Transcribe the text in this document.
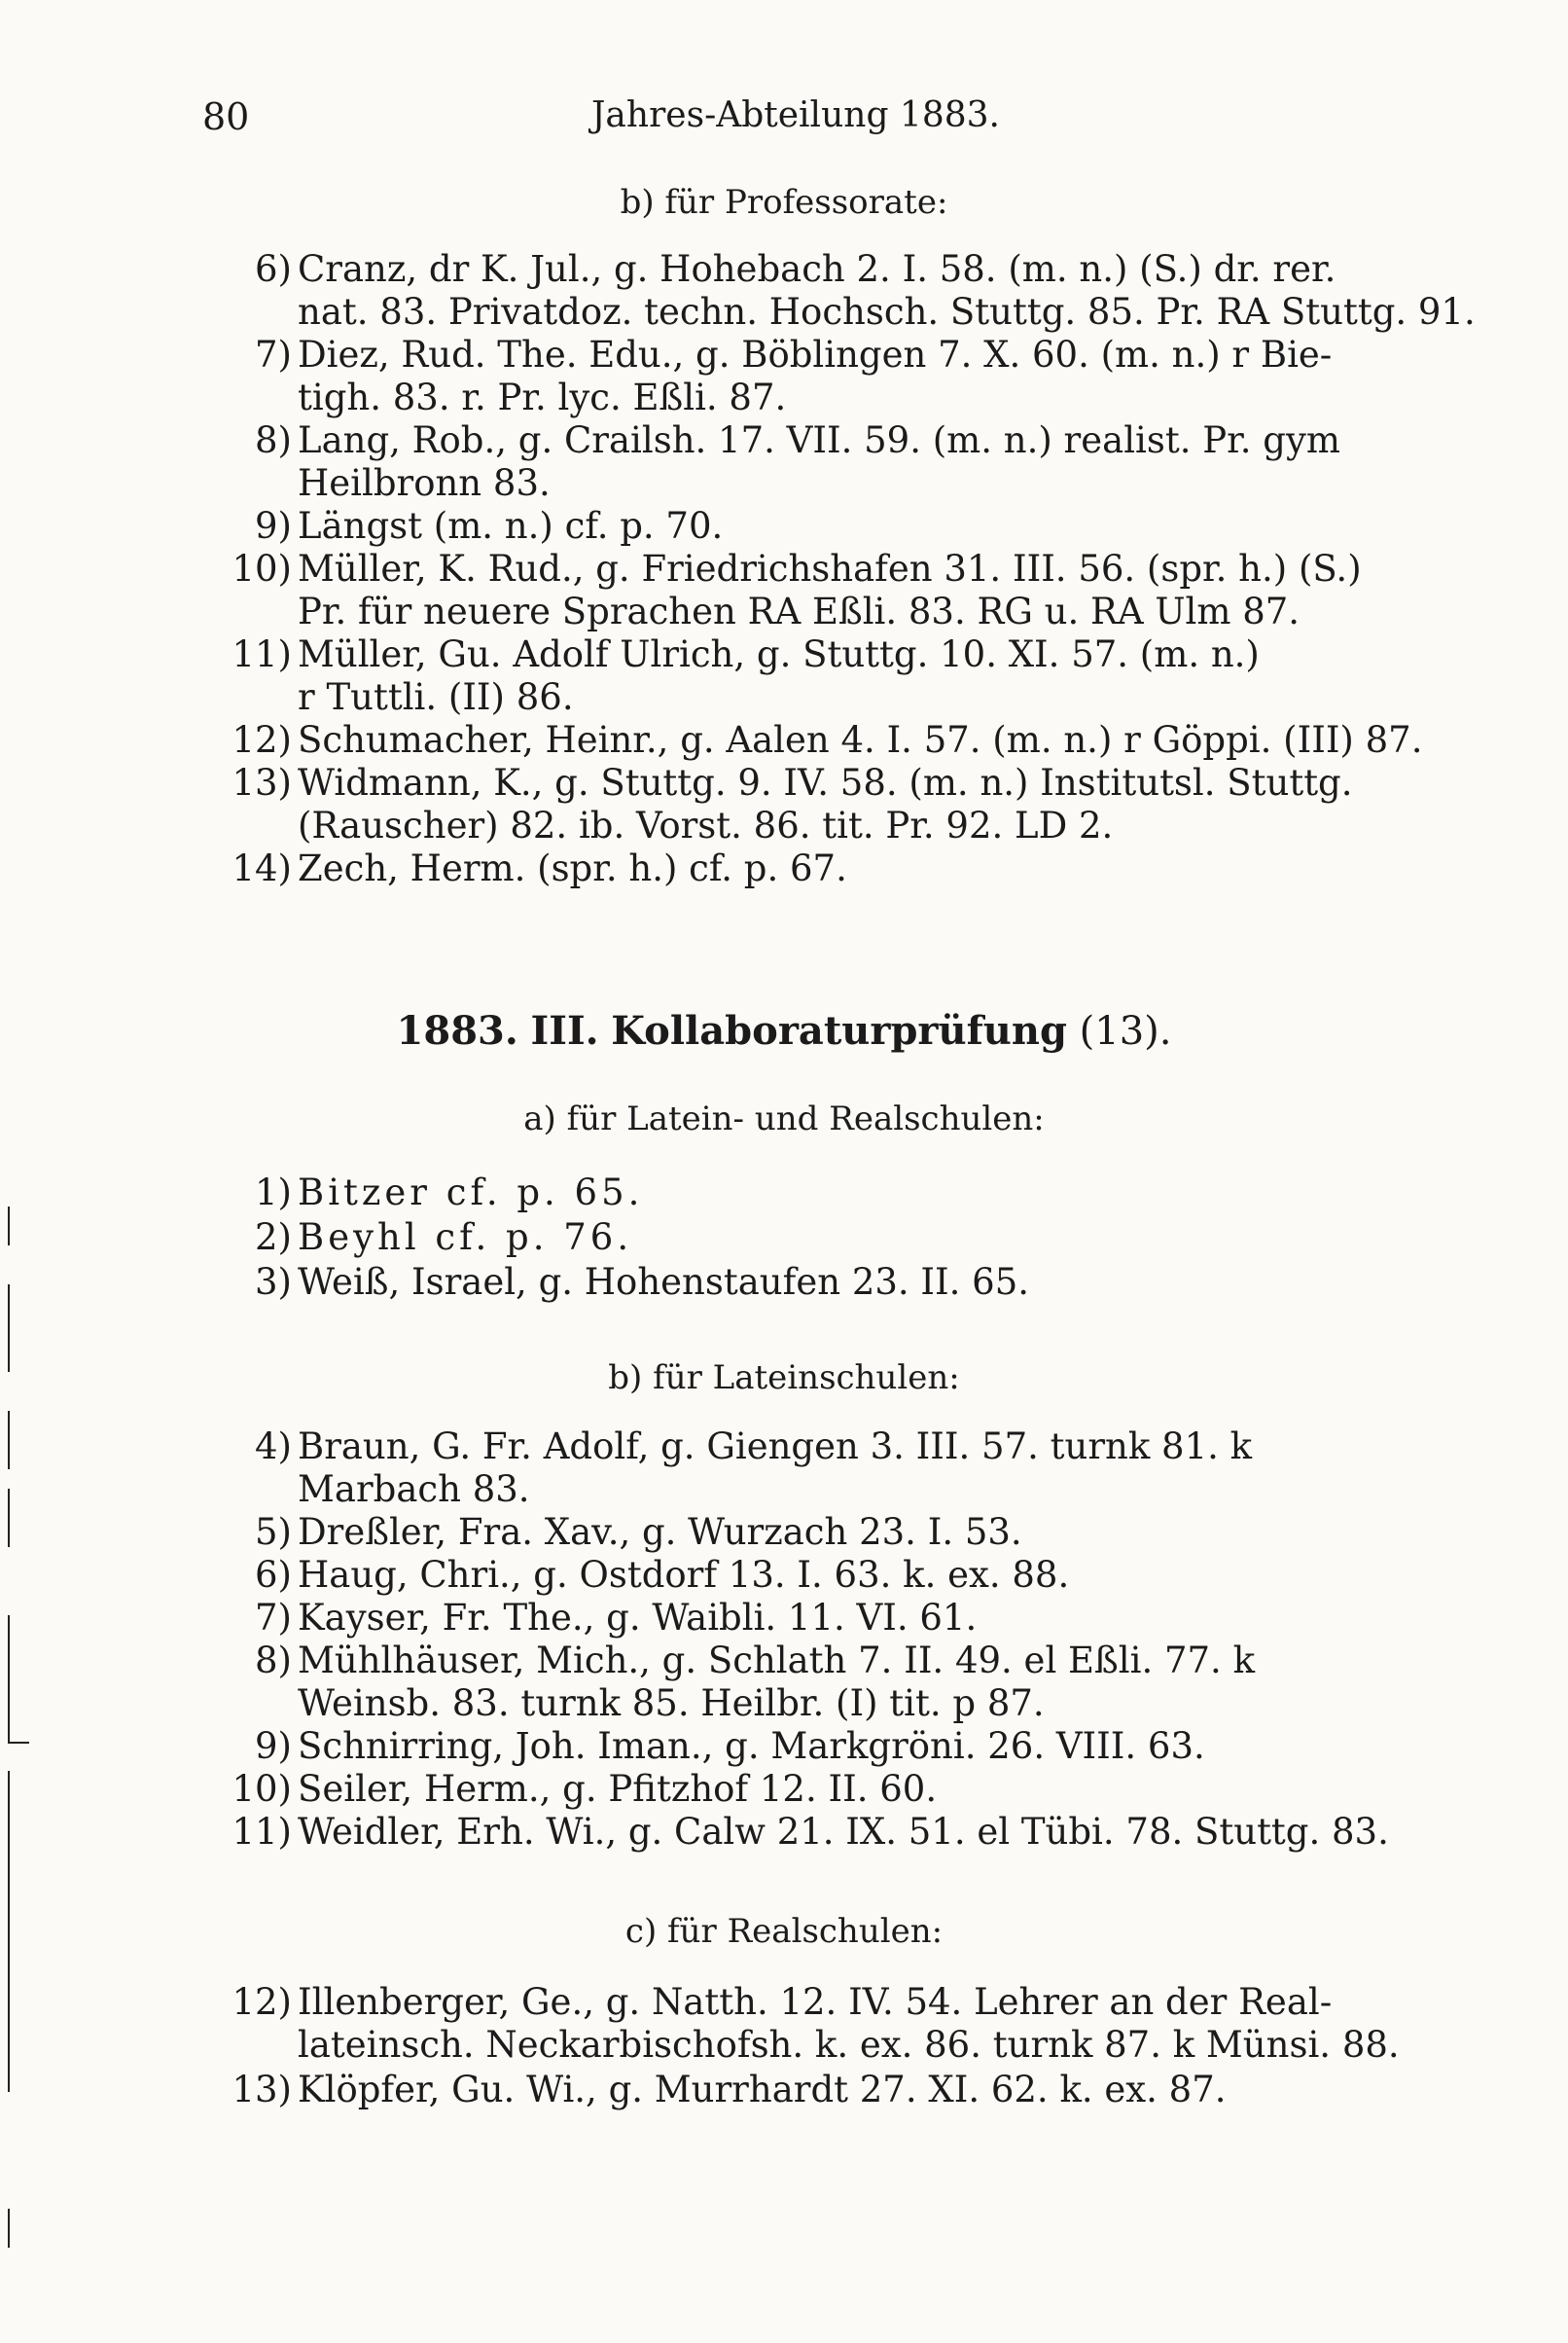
80	Jahres-Abteilung 1883.
b) für Professorate:
6) Cranz, dr K. Jul., g. Hohebach 2. I. 58. (m. n.) (S.) dr. rer.
nat. 83. Privatdoz. techn. Hochsch. Stuttg. 85. Pr. RA Stuttg. 91.
7) Diez, Rud. The. Edu., g. Böblingen 7. X. 60. (m. n.) r Bie-
tigh. 83. r. Pr. lyc. Eßli. 87.
8) Lang, Rob., g. Crailsh. 17. VII. 59. (m. n.) realist. Pr. gym
Heilbronn 83.
9) Längst (m. n.) cf. p. 70.
10) Müller, K. Rud., g. Friedrichshafen 31. III. 56. (spr. h.) (S.)
Pr. für neuere Sprachen RA Eßli. 83. RG u. RA Ulm 87.
11) Müller, Gu. Adolf Ulrich, g. Stuttg. 10. XI. 57. (m. n.)
r Tuttli. (II) 86.
12) Schumacher, Heinr., g. Aalen 4. I. 57. (m. n.) r Göppi. (III) 87.
13) Widmann, K., g. Stuttg. 9. IV. 58. (m. n.) Institutsl. Stuttg.
(Rauscher) 82. ib. Vorst. 86. tit. Pr. 92. LD 2.
14) Zech, Herm. (spr. h.) cf. p. 67.
1883. III. Kollaboraturprüfung (13).
a) für Latein- und Realschulen:
1) Bitzer cf. p. 65.
2) Beyhl cf. p. 76.
3) Weiß, Israel, g. Hohenstaufen 23. II. 65.
b) für Lateinschulen:
4) Braun, G. Fr. Adolf, g. Giengen 3. III. 57. turnk 81. k
Marbach 83.
5) Dreßler, Fra. Xav., g. Wurzach 23. I. 53.
6) Haug, Chri., g. Ostdorf 13. I. 63. k. ex. 88.
7) Kayser, Fr. The., g. Waibli. 11. VI. 61.
8) Mühlhäuser, Mich., g. Schlath 7. II. 49. el Eßli. 77. k
Weinsb. 83. turnk 85. Heilbr. (I) tit. p 87.
9) Schnirring, Joh. Iman., g. Markgröni. 26. VIII. 63.
10) Seiler, Herm., g. Pfitzhof 12. II. 60.
11) Weidler, Erh. Wi., g. Calw 21. IX. 51. el Tübi. 78. Stuttg. 83.
c) für Realschulen:
12) Illenberger, Ge., g. Natth. 12. IV. 54. Lehrer an der Real-
lateinsch. Neckarbischofsh. k. ex. 86. turnk 87. k Münsi. 88.
13) Klöpfer, Gu. Wi., g. Murrhardt 27. XI. 62. k. ex. 87.
